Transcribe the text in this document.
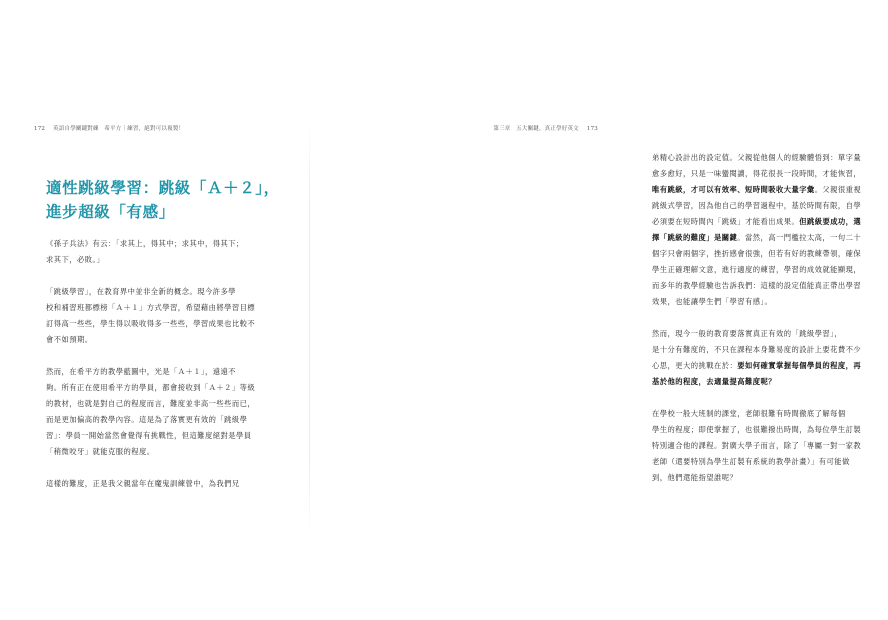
172 英語自學關鍵對練　希平方｜練習，絕對可以複製！
適性跳級學習：跳級「Ａ＋２」，
進步超級「有感」

《孫子兵法》有云：「求其上，得其中；求其中，得其下；
求其下，必敗。」

「跳級學習」，在教育界中並非全新的概念。現今許多學
校和補習班都標榜「Ａ＋１」方式學習，希望藉由將學習目標
訂得高一些些，學生得以吸收得多一些些，學習成果也比較不
會不如預期。

然而，在希平方的教學藍圖中，光是「Ａ＋１」，遠遠不
夠。所有正在使用希平方的學員，都會接收到「Ａ＋２」等級
的教材，也就是對自己的程度而言，難度並非高一些些而已，
而是更加偏高的教學內容。這是為了落實更有效的「跳級學
習」：學員一開始當然會覺得有挑戰性，但這難度絕對是學員
「稍微咬牙」就能克服的程度。

這樣的難度，正是我父親當年在魔鬼訓練營中，為我們兄

第三章　五大關鍵，真正學好英文 173

弟精心設計出的設定值。父親從他個人的經驗體悟到：單字量
愈多愈好，只是一味蠻閱讀，得花很長一段時間，才能恢習，
唯有跳級，才可以有效率、短時間吸收大量字彙。父親很重視
跳級式學習，因為他自己的學習過程中，基於時間有限，自學
必須要在短時間內「跳級」才能看出成果。但跳級要成功，選
擇「跳級的難度」是關鍵。當然，高一門檻拉太高，一句二十
個字只會兩個字，挫折感會很強，但若有好的教練帶領，確保
學生正確理解文意，進行適度的練習，學習的成效就能顯現，
而多年的教學經驗也告訴我們：這樣的設定值能真正帶出學習
效果，也能讓學生們「學習有感」。

然而，現今一般的教育要落實真正有效的「跳級學習」，
是十分有難度的，不只在課程本身難易度的設計上要花費不少
心思，更大的挑戰在於：要如何確實掌握每個學員的程度，再
基於他的程度，去適量提高難度呢？

在學校一般大班制的課堂，老師很難有時間徹底了解每個
學生的程度；即使掌握了，也很難撥出時間，為每位學生訂製
特別適合他的課程。對廣大學子而言，除了「專屬一對一家教
老師（還要特別為學生訂製有系統的教學計畫）」有可能做
到，他們還能指望誰呢？
